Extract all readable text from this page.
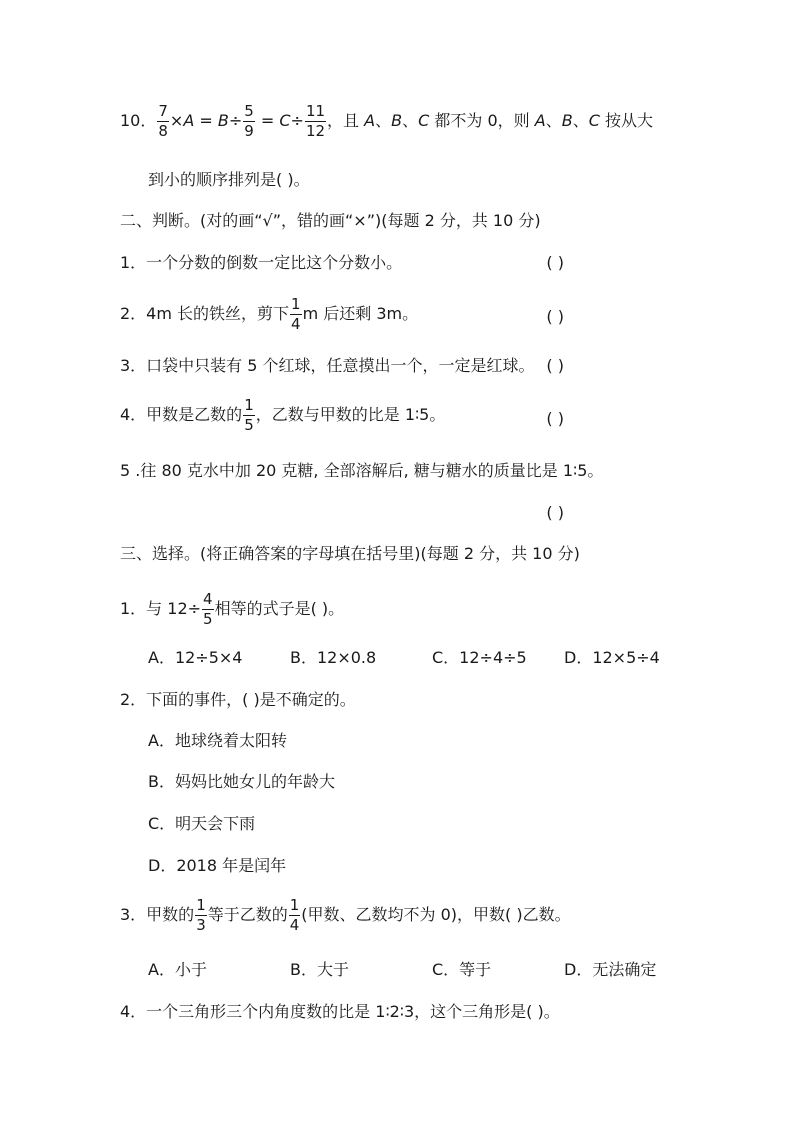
10． $\frac{7}{8} \times A = B\div \frac{5}{9} = C\div \frac{11}{12}$ ，且 A、B、C 都不为 0，则 A、B、C 按从大
到小的顺序排列是( )。
二、判断。(对的画“√”，错的画“×”)(每题 2 分，共 10 分)
1．一个分数的倒数一定比这个分数小。	( )
2．4m 长的铁丝，剪下 $\frac{1}{4}$ m 后还剩 3m。	( )
3．口袋中只装有 5 个红球，任意摸出一个，一定是红球。 ( )
4．甲数是乙数的 $\frac{1}{5}$ ，乙数与甲数的比是 1∶5。	( )
5 .往 80 克水中加 20 克糖, 全部溶解后, 糖与糖水的质量比是 1∶5。
( )
三、选择。(将正确答案的字母填在括号里)(每题 2 分，共 10 分)
1．与 $12\div \frac{4}{5}$ 相等的式子是( )。
A．12÷5×4	B．12×0.8	C．12÷4÷5 D．12×5÷4
2．下面的事件，( )是不确定的。
A．地球绕着太阳转
B．妈妈比她女儿的年龄大
C．明天会下雨
D．2018 年是闰年
3．甲数的 $\frac{1}{3}$ 等于乙数的 $\frac{1}{4}$ (甲数、乙数均不为 0)，甲数( )乙数。
A．小于	B．大于	C．等于	D．无法确定
4．一个三角形三个内角度数的比是 1∶2∶3，这个三角形是( )。
